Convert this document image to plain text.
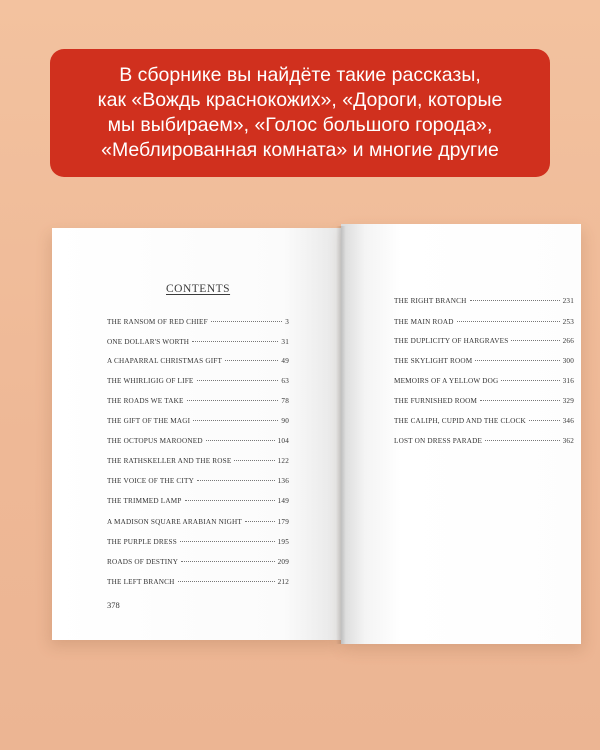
В сборнике вы найдёте такие рассказы,
как «Вождь краснокожих», «Дороги, которые
мы выбираем», «Голос большого города»,
«Меблированная комната» и многие другие
CONTENTS
THE RANSOM OF RED CHIEF	3
ONE DOLLAR'S WORTH	31
A CHAPARRAL CHRISTMAS GIFT	49
THE WHIRLIGIG OF LIFE	63
THE ROADS WE TAKE	78
THE GIFT OF THE MAGI	90
THE OCTOPUS MAROONED	104
THE RATHSKELLER AND THE ROSE	122
THE VOICE OF THE CITY	136
THE TRIMMED LAMP	149
A MADISON SQUARE ARABIAN NIGHT	179
THE PURPLE DRESS	195
ROADS OF DESTINY	209
THE LEFT BRANCH	212
378
THE RIGHT BRANCH	231
THE MAIN ROAD	253
THE DUPLICITY OF HARGRAVES	266
THE SKYLIGHT ROOM	300
MEMOIRS OF A YELLOW DOG	316
THE FURNISHED ROOM	329
THE CALIPH, CUPID AND THE CLOCK	346
LOST ON DRESS PARADE	362
